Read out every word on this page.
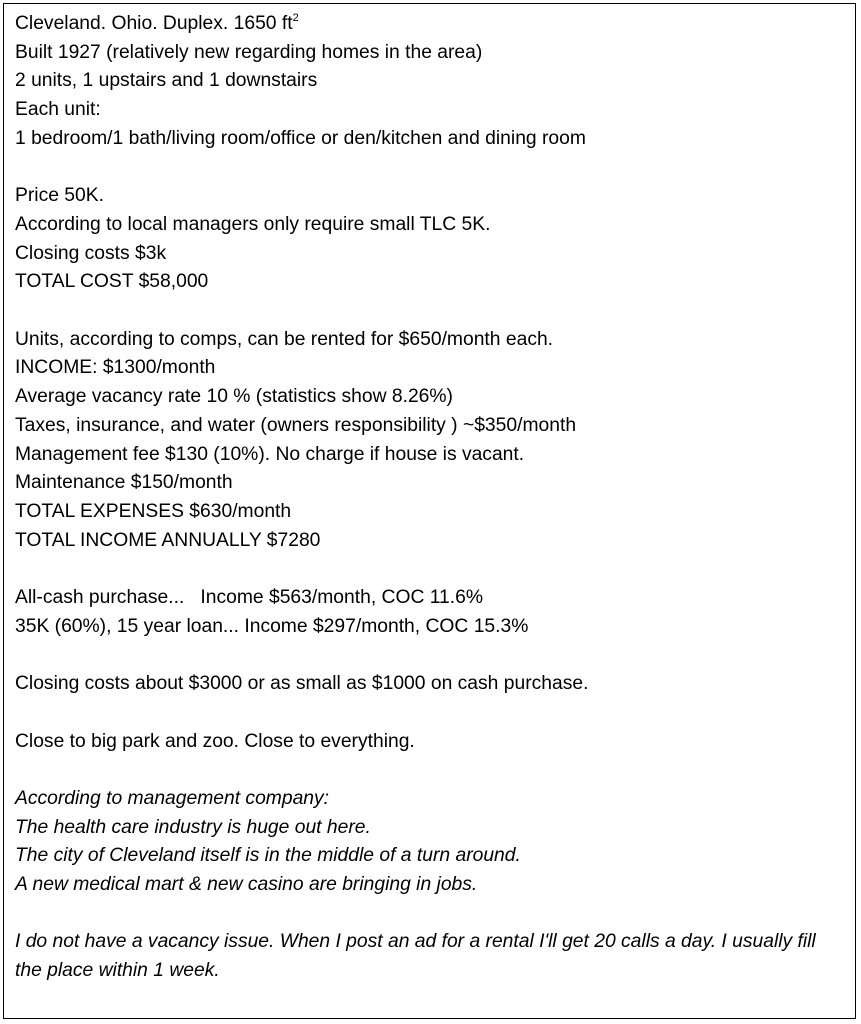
Cleveland. Ohio. Duplex. 1650 $ft^2$
Built 1927 (relatively new regarding homes in the area)
2 units, 1 upstairs and 1 downstairs
Each unit:
1 bedroom/1 bath/living room/office or den/kitchen and dining room
Price 50K.
According to local managers only require small TLC 5K.
Closing costs $3k
TOTAL COST $58,000
Units, according to comps, can be rented for $650/month each.
INCOME: $1300/month
Average vacancy rate 10 % (statistics show 8.26%)
Taxes, insurance, and water (owners responsibility ) ~$350/month
Management fee $130 (10%). No charge if house is vacant.
Maintenance $150/month
TOTAL EXPENSES $630/month
TOTAL INCOME ANNUALLY $7280
All-cash purchase...   Income $563/month, COC 11.6%
35K (60%), 15 year loan... Income $297/month, COC 15.3%
Closing costs about $3000 or as small as $1000 on cash purchase.
Close to big park and zoo. Close to everything.
According to management company:
The health care industry is huge out here.
The city of Cleveland itself is in the middle of a turn around.
A new medical mart & new casino are bringing in jobs.
I do not have a vacancy issue. When I post an ad for a rental I'll get 20 calls a day. I usually fill the place within 1 week.
